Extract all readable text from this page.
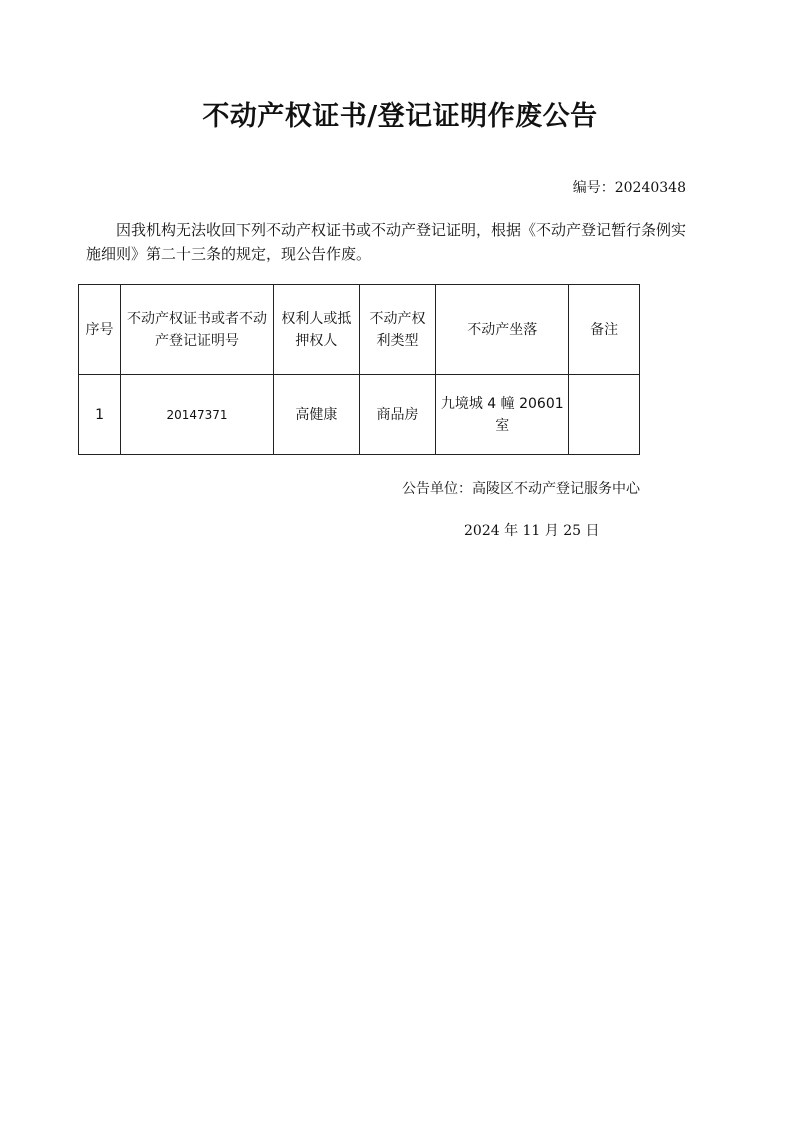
不动产权证书/登记证明作废公告
编号：20240348

因我机构无法收回下列不动产权证书或不动产登记证明，根据《不动产登记暂行条例实施细则》第二十三条的规定，现公告作废。

序号	不动产权证书或者不动产登记证明号	权利人或抵押权人	不动产权利类型	不动产坐落	备注
1	20147371	高健康	商品房	九境城 4 幢 20601 室	
公告单位：高陵区不动产登记服务中心
2024 年 11 月 25 日
